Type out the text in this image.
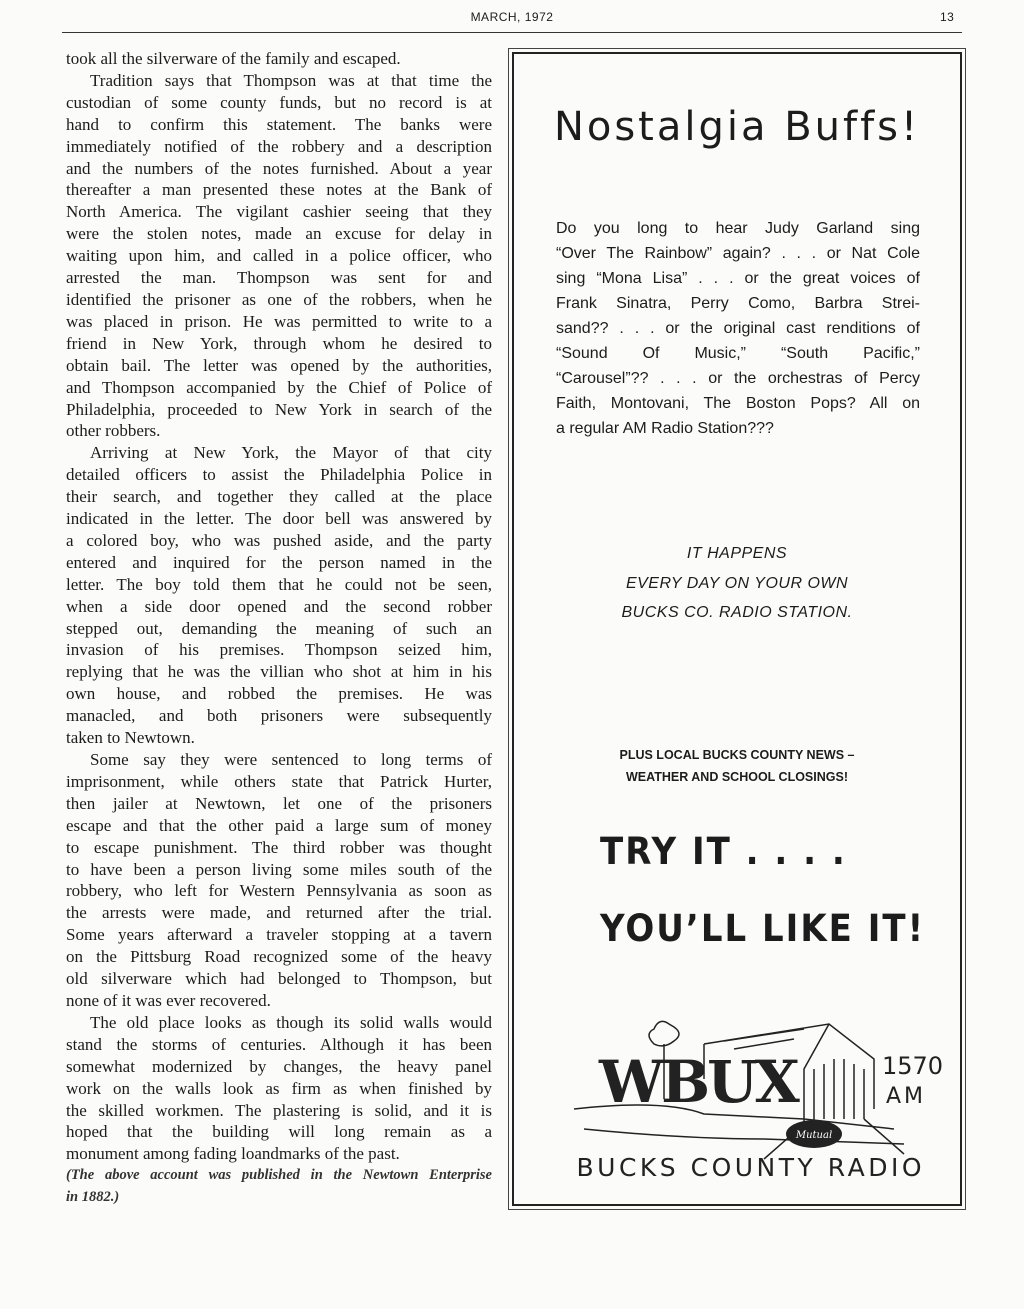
MARCH, 1972	13
took all the silverware of the family and escaped.
Tradition says that Thompson was at that time the
custodian of some county funds, but no record is at
hand to confirm this statement. The banks were
immediately notified of the robbery and a description
and the numbers of the notes furnished. About a year
thereafter a man presented these notes at the Bank of
North America. The vigilant cashier seeing that they
were the stolen notes, made an excuse for delay in
waiting upon him, and called in a police officer, who
arrested the man. Thompson was sent for and
identified the prisoner as one of the robbers, when he
was placed in prison. He was permitted to write to a
friend in New York, through whom he desired to
obtain bail. The letter was opened by the authorities,
and Thompson accompanied by the Chief of Police of
Philadelphia, proceeded to New York in search of the
other robbers.
Arriving at New York, the Mayor of that city
detailed officers to assist the Philadelphia Police in
their search, and together they called at the place
indicated in the letter. The door bell was answered by
a colored boy, who was pushed aside, and the party
entered and inquired for the person named in the
letter. The boy told them that he could not be seen,
when a side door opened and the second robber
stepped out, demanding the meaning of such an
invasion of his premises. Thompson seized him,
replying that he was the villian who shot at him in his
own house, and robbed the premises. He was
manacled, and both prisoners were subsequently
taken to Newtown.
Some say they were sentenced to long terms of
imprisonment, while others state that Patrick Hurter,
then jailer at Newtown, let one of the prisoners
escape and that the other paid a large sum of money
to escape punishment. The third robber was thought
to have been a person living some miles south of the
robbery, who left for Western Pennsylvania as soon as
the arrests were made, and returned after the trial.
Some years afterward a traveler stopping at a tavern
on the Pittsburg Road recognized some of the heavy
old silverware which had belonged to Thompson, but
none of it was ever recovered.
The old place looks as though its solid walls would
stand the storms of centuries. Although it has been
somewhat modernized by changes, the heavy panel
work on the walls look as firm as when finished by
the skilled workmen. The plastering is solid, and it is
hoped that the building will long remain as a
monument among fading loandmarks of the past.
(The above account was published in the Newtown Enterprise
in 1882.)
Nostalgia Buffs!
Do you long to hear Judy Garland sing
“Over The Rainbow” again? . . . or Nat Cole
sing “Mona Lisa” . . . or the great voices of
Frank Sinatra, Perry Como, Barbra Strei-
sand?? . . . or the original cast renditions of
“Sound Of Music,” “South Pacific,”
“Carousel”?? . . . or the orchestras of Percy
Faith, Montovani, The Boston Pops? All on
a regular AM Radio Station???
IT HAPPENS
EVERY DAY ON YOUR OWN
BUCKS CO. RADIO STATION.
PLUS LOCAL BUCKS COUNTY NEWS –
WEATHER AND SCHOOL CLOSINGS!
TRY IT . . . .
YOU’LL LIKE IT!
Mutual
WBUX	1570
AM
BUCKS COUNTY RADIO
